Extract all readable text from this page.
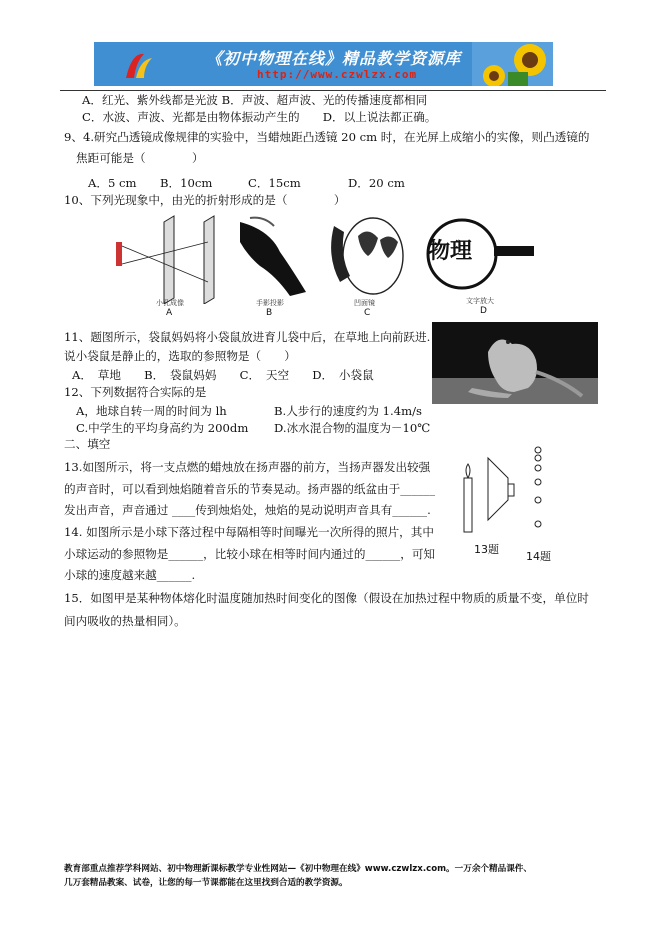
《初中物理在线》精品教学资源库
http://www.czwlzx.com
A．红光、紫外线都是光波 B．声波、超声波、光的传播速度都相同
C．水波、声波、光都是由物体振动产生的　　D．以上说法都正确。
9、4.研究凸透镜成像规律的实验中，当蜡烛距凸透镜 20 cm 时，在光屏上成缩小的实像，则凸透镜的
焦距可能是（　　　　）
A．5 cm B．10cm	C．15cm	D．20 cm
10、下列光现象中，由光的折射形成的是（　　　　）
小孔成像
A
手影投影
B
凹面镜
C
物理
文字放大
D
11、题图所示，袋鼠妈妈将小袋鼠放进育儿袋中后，在草地上向前跃进.
说小袋鼠是静止的，选取的参照物是（　　）
A．　草地　　B．　袋鼠妈妈　　C．　天空　　D．　小袋鼠
12、下列数据符合实际的是
A，地球自转一周的时间为 lh	B.人步行的速度约为 1.4m/s
C.中学生的平均身高约为 200dm D.冰水混合物的温度为－10℃
二、填空
13.如图所示，将一支点燃的蜡烛放在扬声器的前方，当扬声器发出较强
的声音时，可以看到烛焰随着音乐的节奏晃动。扬声器的纸盆由于______
发出声音，声音通过 ____传到烛焰处，烛焰的晃动说明声音具有______.
14. 如图所示是小球下落过程中每隔相等时间曝光一次所得的照片，其中
小球运动的参照物是______，比较小球在相等时间内通过的______，可知
小球的速度越来越______.
15．如图甲是某种物体熔化时温度随加热时间变化的图像（假设在加热过程中物质的质量不变，单位时
间内吸收的热量相同）。
13题
14题
教育部重点推荐学科网站、初中物理新课标教学专业性网站—《初中物理在线》www.czwlzx.com。一万余个精品课件、
几万套精品教案、试卷，让您的每一节课都能在这里找到合适的教学资源。
